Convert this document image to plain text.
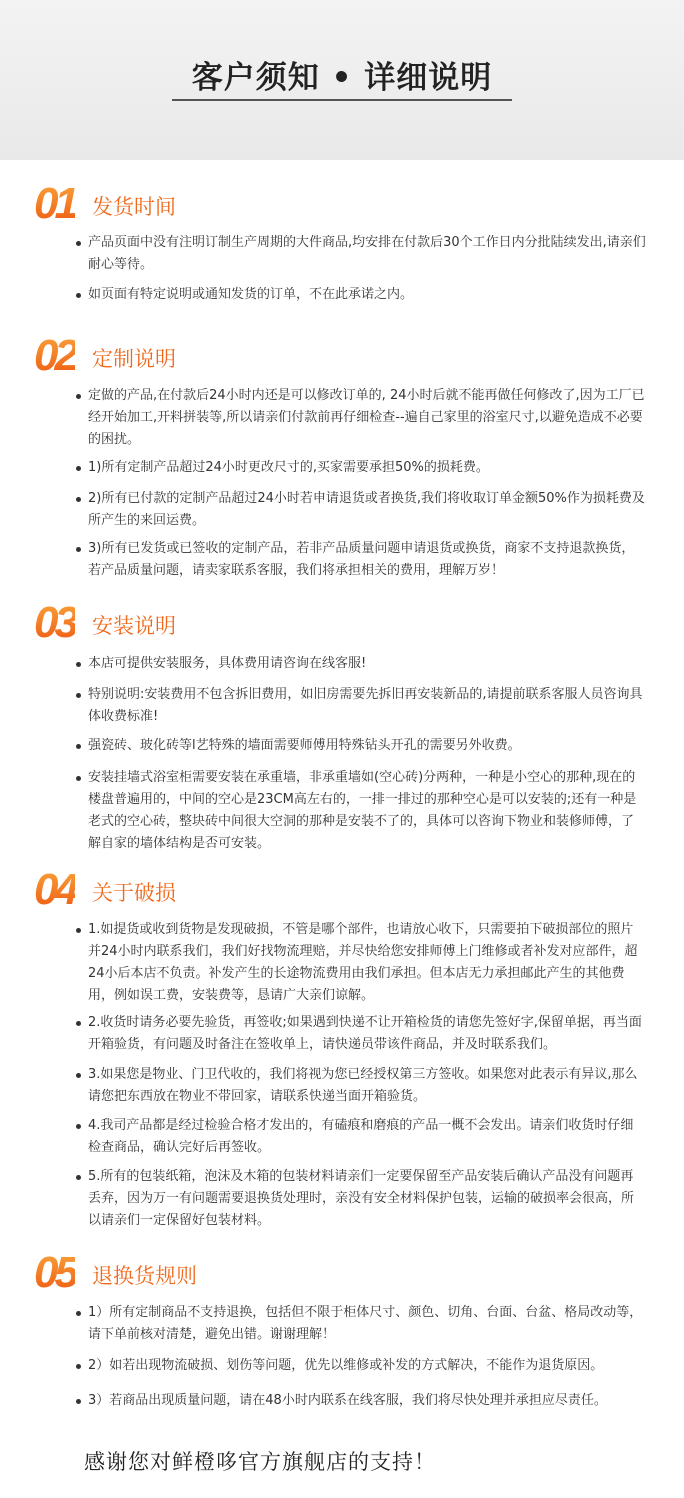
客户须知 • 详细说明
01 发货时间
产品页面中没有注明订制生产周期的大件商品,均安排在付款后30个工作日内分批陆续发出,请亲们耐心等待。
如页面有特定说明或通知发货的订单，不在此承诺之内。
02 定制说明
定做的产品,在付款后24小时内还是可以修改订单的, 24小时后就不能再做任何修改了,因为工厂已经开始加工,开料拼装等,所以请亲们付款前再仔细检查--遍自己家里的浴室尺寸,以避免造成不必要的困扰。
1)所有定制产品超过24小时更改尺寸的,买家需要承担50%的损耗费。
2)所有已付款的定制产品超过24小时若申请退货或者换货,我们将收取订单金额50%作为损耗费及所产生的来回运费。
3)所有已发货或已签收的定制产品，若非产品质量问题申请退货或换货，商家不支持退款换货，若产品质量问题，请卖家联系客服，我们将承担相关的费用，理解万岁！
03 安装说明
本店可提供安装服务，具体费用请咨询在线客服!
特别说明:安装费用不包含拆旧费用，如旧房需要先拆旧再安装新品的,请提前联系客服人员咨询具体收费标准!
强瓷砖、玻化砖等l艺特殊的墙面需要师傅用特殊钻头开孔的需要另外收费。
安装挂墙式浴室柜需要安装在承重墙，非承重墙如(空心砖)分两种，一种是小空心的那种,现在的楼盘普遍用的，中间的空心是23CM高左右的，一排一排过的那种空心是可以安装的;还有一种是老式的空心砖，整块砖中间很大空洞的那种是安装不了的，具体可以咨询下物业和装修师傅，了解自家的墙体结构是否可安装。
04 关于破损
1.如提货或收到货物是发现破损，不管是哪个部件，也请放心收下，只需要拍下破损部位的照片并24小时内联系我们，我们好找物流理赔，并尽快给您安排师傅上门维修或者补发对应部件，超24小后本店不负责。补发产生的长途物流费用由我们承担。但本店无力承担邮此产生的其他费用，例如误工费，安装费等，恳请广大亲们谅解。
2.收货时请务必要先验货，再签收;如果遇到快递不让开箱检货的请您先签好字,保留单据，再当面开箱验货，有问题及时备注在签收单上，请快递员带该件商品，并及时联系我们。
3.如果您是物业、门卫代收的，我们将视为您已经授权第三方签收。如果您对此表示有异议,那么请您把东西放在物业不带回家，请联系快递当面开箱验货。
4.我司产品都是经过检验合格才发出的，有磕痕和磨痕的产品一概不会发出。请亲们收货时仔细检查商品，确认完好后再签收。
5.所有的包装纸箱，泡沫及木箱的包装材料请亲们一定要保留至产品安装后确认产品没有问题再丢弃，因为万一有问题需要退换货处理时，亲没有安全材料保护包装，运输的破损率会很高，所以请亲们一定保留好包装材料。
05 退换货规则
1）所有定制商品不支持退换，包括但不限于柜体尺寸、颜色、切角、台面、台盆、格局改动等，请下单前核对清楚，避免出错。谢谢理解！
2）如若出现物流破损、划伤等问题，优先以维修或补发的方式解决，不能作为退货原因。
3）若商品出现质量问题，请在48小时内联系在线客服，我们将尽快处理并承担应尽责任。
感谢您对鲜橙哆官方旗舰店的支持！
